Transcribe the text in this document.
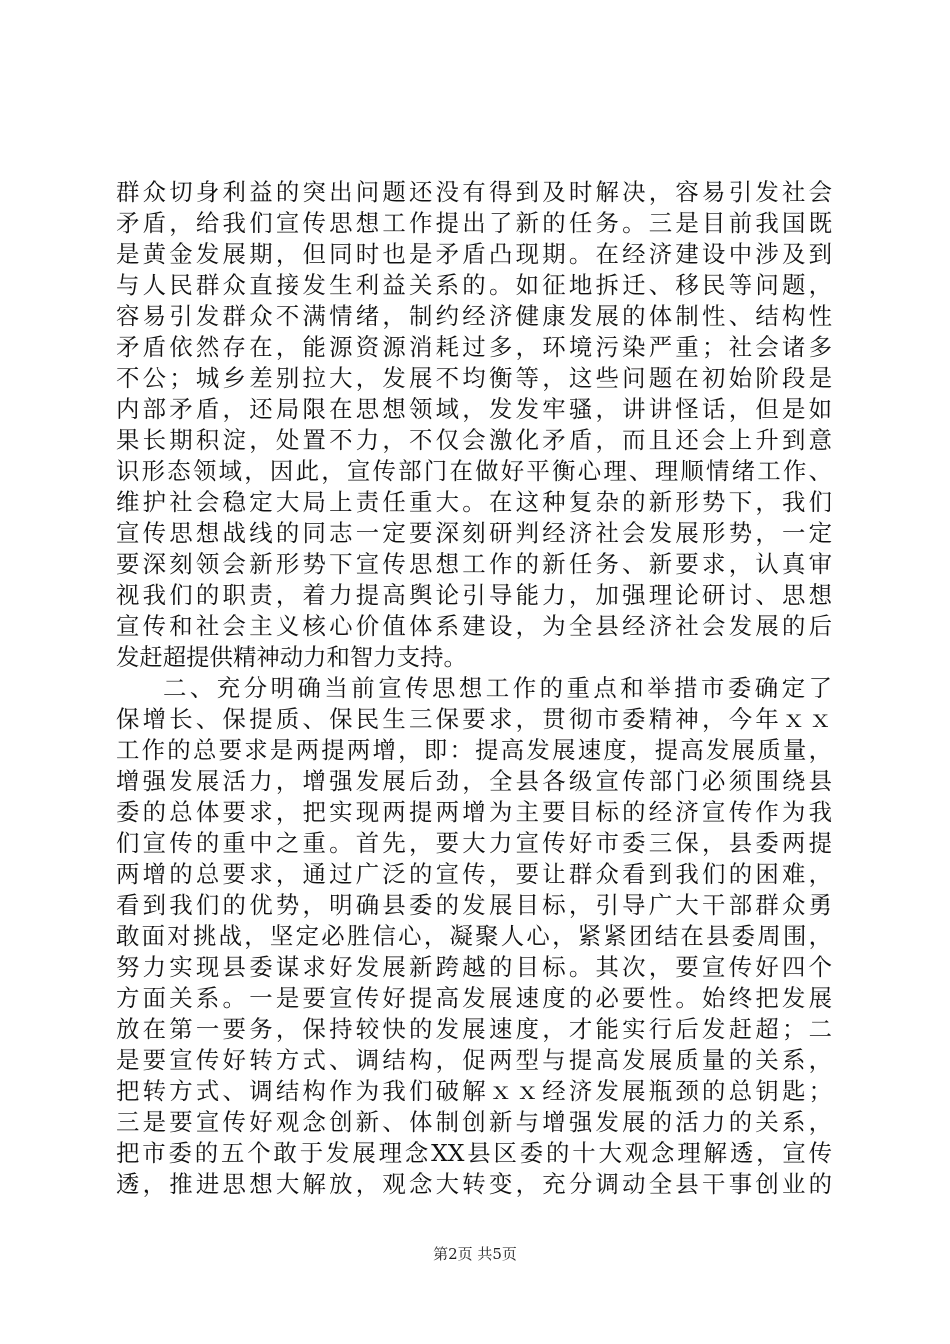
群众切身利益的突出问题还没有得到及时解决，容易引发社会
矛盾，给我们宣传思想工作提出了新的任务。三是目前我国既
是黄金发展期，但同时也是矛盾凸现期。在经济建设中涉及到
与人民群众直接发生利益关系的。如征地拆迁、移民等问题，
容易引发群众不满情绪，制约经济健康发展的体制性、结构性
矛盾依然存在，能源资源消耗过多，环境污染严重；社会诸多
不公；城乡差别拉大，发展不均衡等，这些问题在初始阶段是
内部矛盾，还局限在思想领域，发发牢骚，讲讲怪话，但是如
果长期积淀，处置不力，不仅会激化矛盾，而且还会上升到意
识形态领域，因此，宣传部门在做好平衡心理、理顺情绪工作、
维护社会稳定大局上责任重大。在这种复杂的新形势下，我们
宣传思想战线的同志一定要深刻研判经济社会发展形势，一定
要深刻领会新形势下宣传思想工作的新任务、新要求，认真审
视我们的职责，着力提高舆论引导能力，加强理论研讨、思想
宣传和社会主义核心价值体系建设，为全县经济社会发展的后
发赶超提供精神动力和智力支持。
二、充分明确当前宣传思想工作的重点和举措市委确定了
保增长、保提质、保民生三保要求，贯彻市委精神，今年ｘｘ
工作的总要求是两提两增，即：提高发展速度，提高发展质量，
增强发展活力，增强发展后劲，全县各级宣传部门必须围绕县
委的总体要求，把实现两提两增为主要目标的经济宣传作为我
们宣传的重中之重。首先，要大力宣传好市委三保，县委两提
两增的总要求，通过广泛的宣传，要让群众看到我们的困难，
看到我们的优势，明确县委的发展目标，引导广大干部群众勇
敢面对挑战，坚定必胜信心，凝聚人心，紧紧团结在县委周围，
努力实现县委谋求好发展新跨越的目标。其次，要宣传好四个
方面关系。一是要宣传好提高发展速度的必要性。始终把发展
放在第一要务，保持较快的发展速度，才能实行后发赶超；二
是要宣传好转方式、调结构，促两型与提高发展质量的关系，
把转方式、调结构作为我们破解ｘｘ经济发展瓶颈的总钥匙；
三是要宣传好观念创新、体制创新与增强发展的活力的关系，
把市委的五个敢于发展理念XX县区委的十大观念理解透，宣传
透，推进思想大解放，观念大转变，充分调动全县干事创业的
第2页 共5页
